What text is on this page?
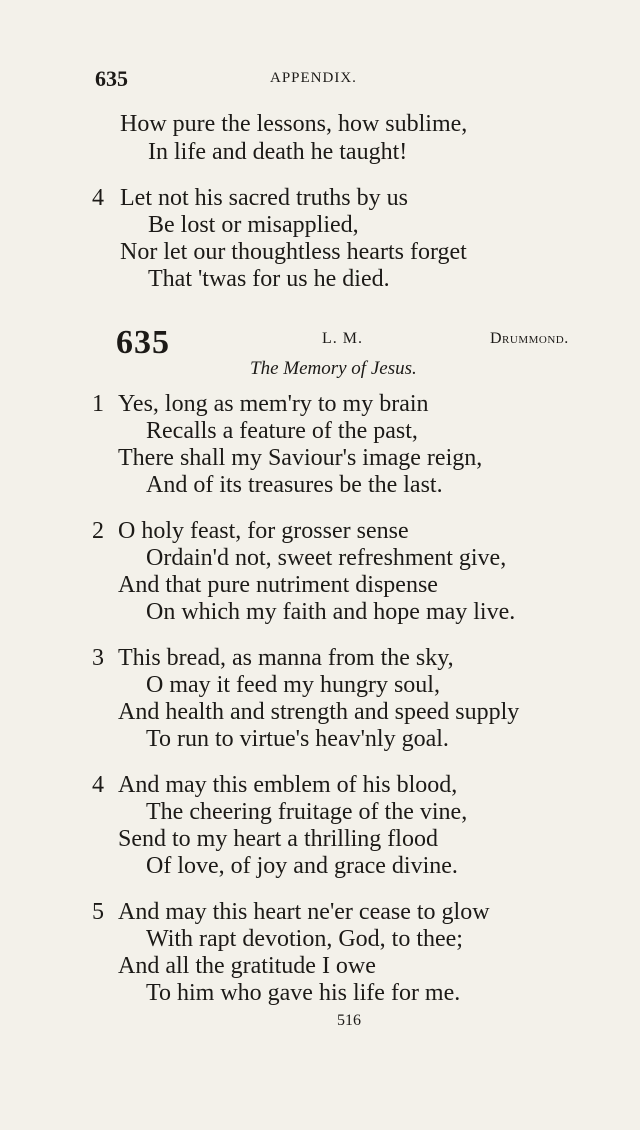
635	APPENDIX.
How pure the lessons, how sublime,
In life and death he taught!
4 Let not his sacred truths by us
Be lost or misapplied,
Nor let our thoughtless hearts forget
That 'twas for us he died.
635	L. M.	Drummond.
The Memory of Jesus.
1 Yes, long as mem'ry to my brain
Recalls a feature of the past,
There shall my Saviour's image reign,
And of its treasures be the last.
2 O holy feast, for grosser sense
Ordain'd not, sweet refreshment give,
And that pure nutriment dispense
On which my faith and hope may live.
3 This bread, as manna from the sky,
O may it feed my hungry soul,
And health and strength and speed supply
To run to virtue's heav'nly goal.
4 And may this emblem of his blood,
The cheering fruitage of the vine,
Send to my heart a thrilling flood
Of love, of joy and grace divine.
5 And may this heart ne'er cease to glow
With rapt devotion, God, to thee;
And all the gratitude I owe
To him who gave his life for me.
516
